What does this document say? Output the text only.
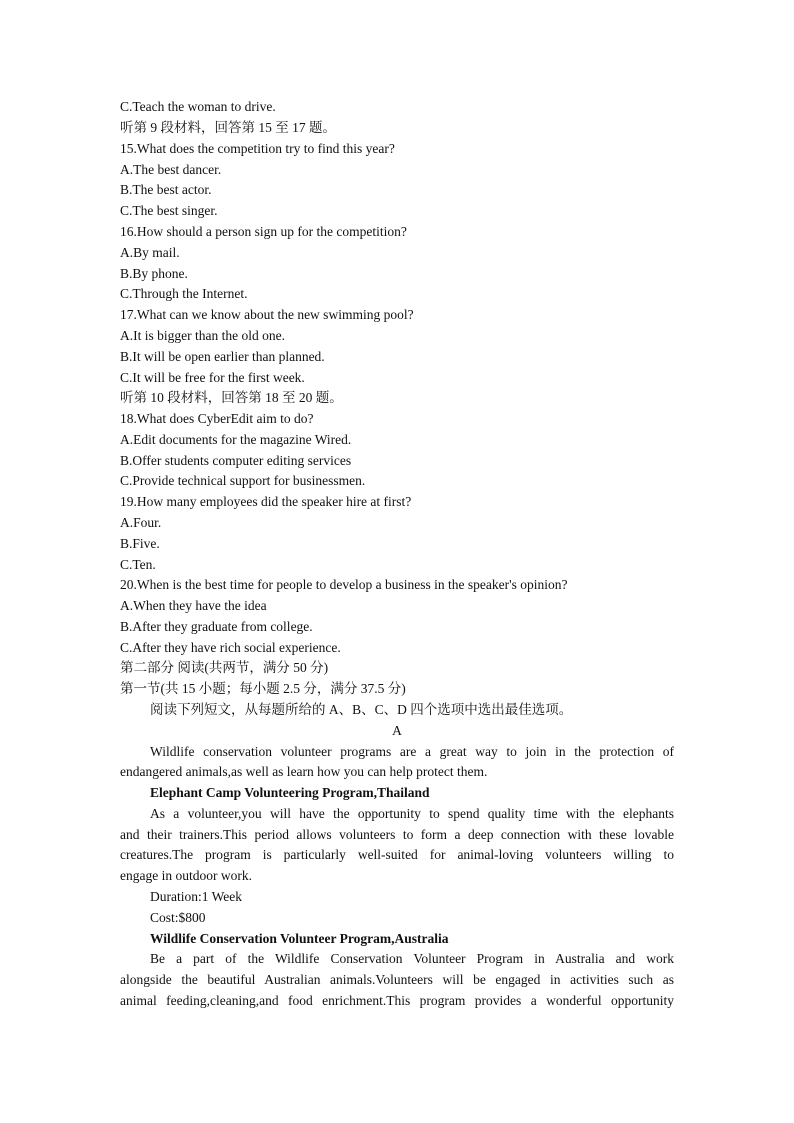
C.Teach the woman to drive.
听第 9 段材料，回答第 15 至 17 题。
15.What does the competition try to find this year?
A.The best dancer.
B.The best actor.
C.The best singer.
16.How should a person sign up for the competition?
A.By mail.
B.By phone.
C.Through the Internet.
17.What can we know about the new swimming pool?
A.It is bigger than the old one.
B.It will be open earlier than planned.
C.It will be free for the first week.
听第 10 段材料，回答第 18 至 20 题。
18.What does CyberEdit aim to do?
A.Edit documents for the magazine Wired.
B.Offer students computer editing services
C.Provide technical support for businessmen.
19.How many employees did the speaker hire at first?
A.Four.
B.Five.
C.Ten.
20.When is the best time for people to develop a business in the speaker's opinion?
A.When they have the idea
B.After they graduate from college.
C.After they have rich social experience.
第二部分 阅读(共两节，满分 50 分)
第一节(共 15 小题；每小题 2.5 分，满分 37.5 分)
阅读下列短文，从每题所给的 A、B、C、D 四个选项中选出最佳选项。
A
Wildlife conservation volunteer programs are a great way to join in the protection of
endangered animals,as well as learn how you can help protect them.
Elephant Camp Volunteering Program,Thailand
As a volunteer,you will have the opportunity to spend quality time with the elephants
and their trainers.This period allows volunteers to form a deep connection with these lovable
creatures.The program is particularly well-suited for animal-loving volunteers willing to
engage in outdoor work.
Duration:1 Week
Cost:$800
Wildlife Conservation Volunteer Program,Australia
Be a part of the Wildlife Conservation Volunteer Program in Australia and work
alongside the beautiful Australian animals.Volunteers will be engaged in activities such as
animal feeding,cleaning,and food enrichment.This program provides a wonderful opportunity
